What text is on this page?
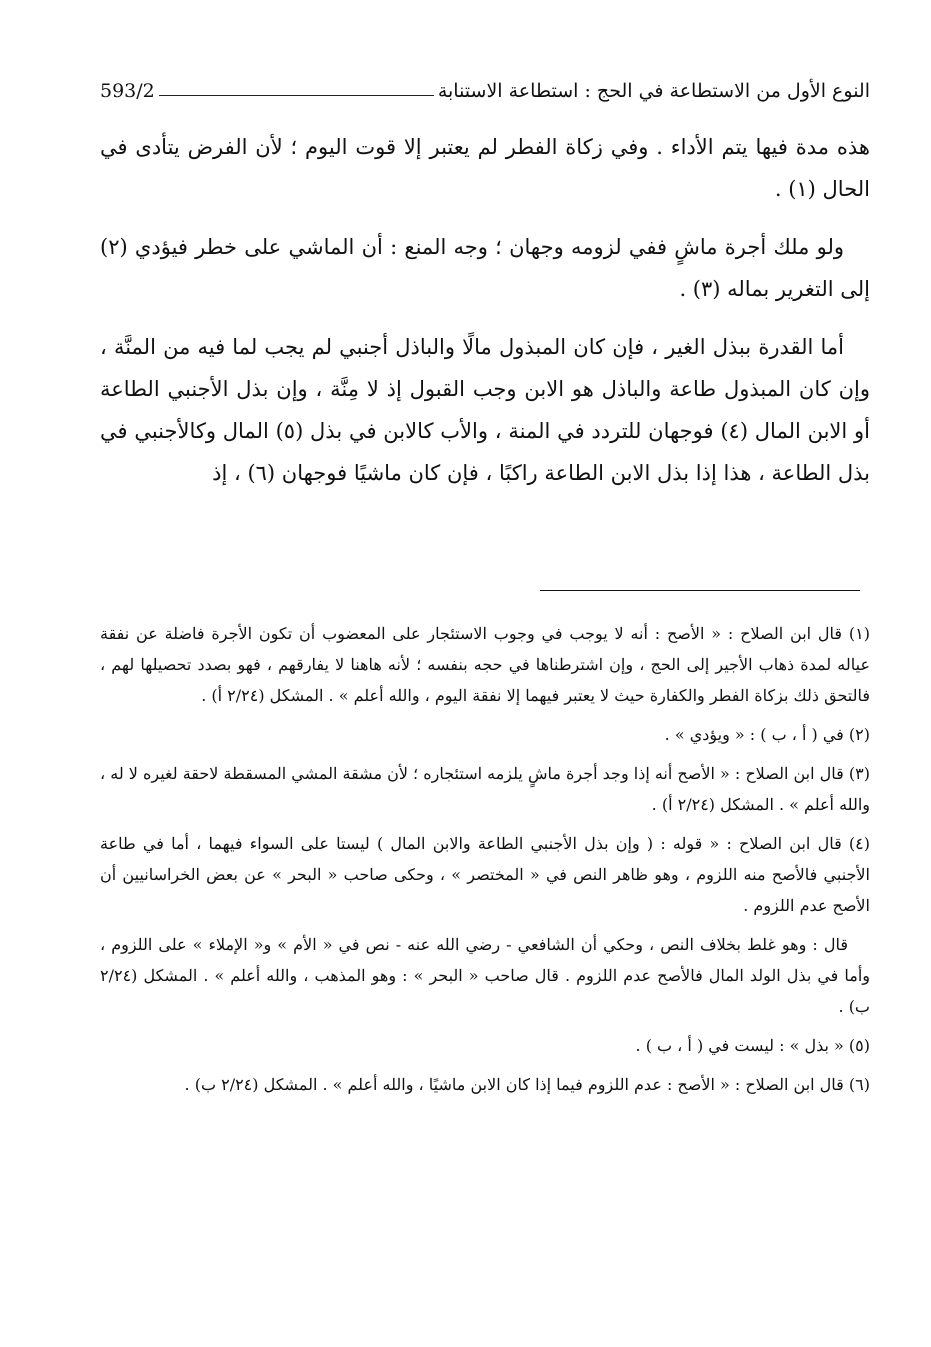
النوع الأول من الاستطاعة في الحج : استطاعة الاستنابة
593/2

هذه مدة فيها يتم الأداء . وفي زكاة الفطر لم يعتبر إلا قوت اليوم ؛ لأن الفرض يتأدى في الحال (١) .

ولو ملك أجرة ماشٍ ففي لزومه وجهان ؛ وجه المنع : أن الماشي على خطر فيؤدي (٢) إلى التغرير بماله (٣) .

أما القدرة ببذل الغير ، فإن كان المبذول مالًا والباذل أجنبي لم يجب لما فيه من المنَّة ، وإن كان المبذول طاعة والباذل هو الابن وجب القبول إذ لا مِنَّة ، وإن بذل الأجنبي الطاعة أو الابن المال (٤) فوجهان للتردد في المنة ، والأب كالابن في بذل (٥) المال وكالأجنبي في بذل الطاعة ، هذا إذا بذل الابن الطاعة راكبًا ، فإن كان ماشيًا فوجهان (٦) ، إذ

(١) قال ابن الصلاح : « الأصح : أنه لا يوجب في وجوب الاستئجار على المعضوب أن تكون الأجرة فاضلة عن نفقة عياله لمدة ذهاب الأجير إلى الحج ، وإن اشترطناها في حجه بنفسه ؛ لأنه هاهنا لا يفارقهم ، فهو بصدد تحصيلها لهم ، فالتحق ذلك بزكاة الفطر والكفارة حيث لا يعتبر فيهما إلا نفقة اليوم ، والله أعلم » . المشكل (٢/٢٤ أ) .

(٢) في ( أ ، ب ) : « ويؤدي » .

(٣) قال ابن الصلاح : « الأصح أنه إذا وجد أجرة ماشٍ يلزمه استئجاره ؛ لأن مشقة المشي المسقطة لاحقة لغيره لا له ، والله أعلم » . المشكل (٢/٢٤ أ) .

(٤) قال ابن الصلاح : « قوله : ( وإن بذل الأجنبي الطاعة والابن المال ) ليستا على السواء فيهما ، أما في طاعة الأجنبي فالأصح منه اللزوم ، وهو ظاهر النص في « المختصر » ، وحكى صاحب « البحر » عن بعض الخراسانيين أن الأصح عدم اللزوم .

قال : وهو غلط بخلاف النص ، وحكي أن الشافعي - رضي الله عنه - نص في « الأم » و« الإملاء » على اللزوم ، وأما في بذل الولد المال فالأصح عدم اللزوم . قال صاحب « البحر » : وهو المذهب ، والله أعلم » . المشكل (٢/٢٤ ب) .

(٥) « بذل » : ليست في ( أ ، ب ) .

(٦) قال ابن الصلاح : « الأصح : عدم اللزوم فيما إذا كان الابن ماشيًا ، والله أعلم » . المشكل (٢/٢٤ ب) .
